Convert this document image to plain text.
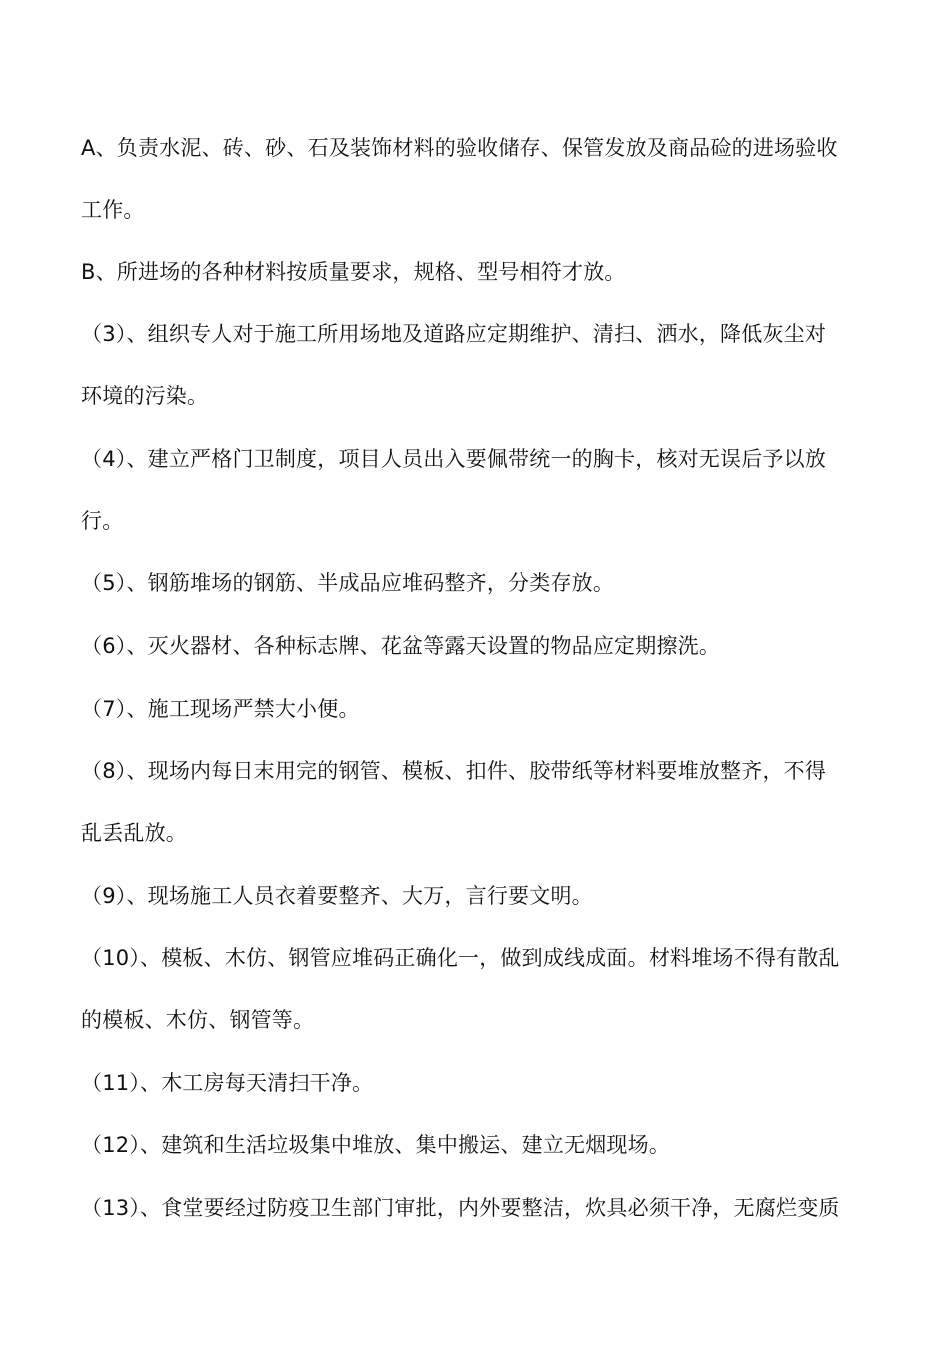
A、负责水泥、砖、砂、石及装饰材料的验收储存、保管发放及商品硷的进场验收
工作。
B、所进场的各种材料按质量要求，规格、型号相符才放。
（3）、组织专人对于施工所用场地及道路应定期维护、清扫、洒水，降低灰尘对
环境的污染。
（4）、建立严格门卫制度，项目人员出入要佩带统一的胸卡，核对无误后予以放
行。
（5）、钢筋堆场的钢筋、半成品应堆码整齐，分类存放。
（6）、灭火器材、各种标志牌、花盆等露天设置的物品应定期擦洗。
（7）、施工现场严禁大小便。
（8）、现场内每日末用完的钢管、模板、扣件、胶带纸等材料要堆放整齐，不得
乱丢乱放。
（9）、现场施工人员衣着要整齐、大万，言行要文明。
（10）、模板、木仿、钢管应堆码正确化一，做到成线成面。材料堆场不得有散乱
的模板、木仿、钢管等。
（11）、木工房每天清扫干净。
（12）、建筑和生活垃圾集中堆放、集中搬运、建立无烟现场。
（13）、食堂要经过防疫卫生部门审批，内外要整洁，炊具必须干净，无腐烂变质
